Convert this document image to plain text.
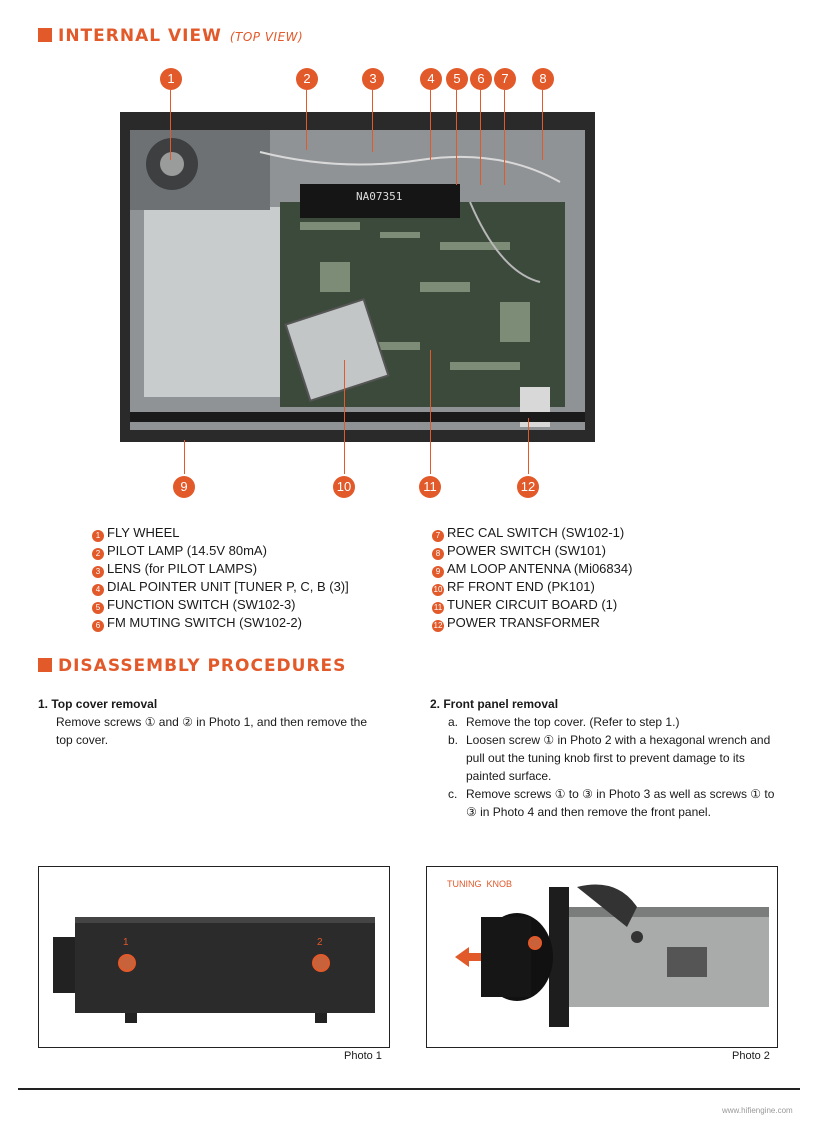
INTERNAL VIEW (TOP VIEW)
1	2	3	4	5	6	7	8
NA07351
9	10	11	12
1 FLY WHEEL
2 PILOT LAMP (14.5V 80mA)
3 LENS (for PILOT LAMPS)
4 DIAL POINTER UNIT [TUNER P, C, B (3)]
5 FUNCTION SWITCH (SW102-3)
6 FM MUTING SWITCH (SW102-2)
7 REC CAL SWITCH (SW102-1)
8 POWER SWITCH (SW101)
9 AM LOOP ANTENNA (Mi06834)
10 RF FRONT END (PK101)
11 TUNER CIRCUIT BOARD (1)
12 POWER TRANSFORMER
DISASSEMBLY PROCEDURES
1. Top cover removal
Remove screws ① and ② in Photo 1, and then remove the top cover.
2. Front panel removal
a. Remove the top cover. (Refer to step 1.)
b. Loosen screw ① in Photo 2 with a hexagonal wrench and pull out the tuning knob first to prevent damage to its painted surface.
c. Remove screws ① to ③ in Photo 3 as well as screws ① to ③ in Photo 4 and then remove the front panel.
1	2
Photo 1
TUNING  KNOB
Photo 2
www.hifiengine.com
